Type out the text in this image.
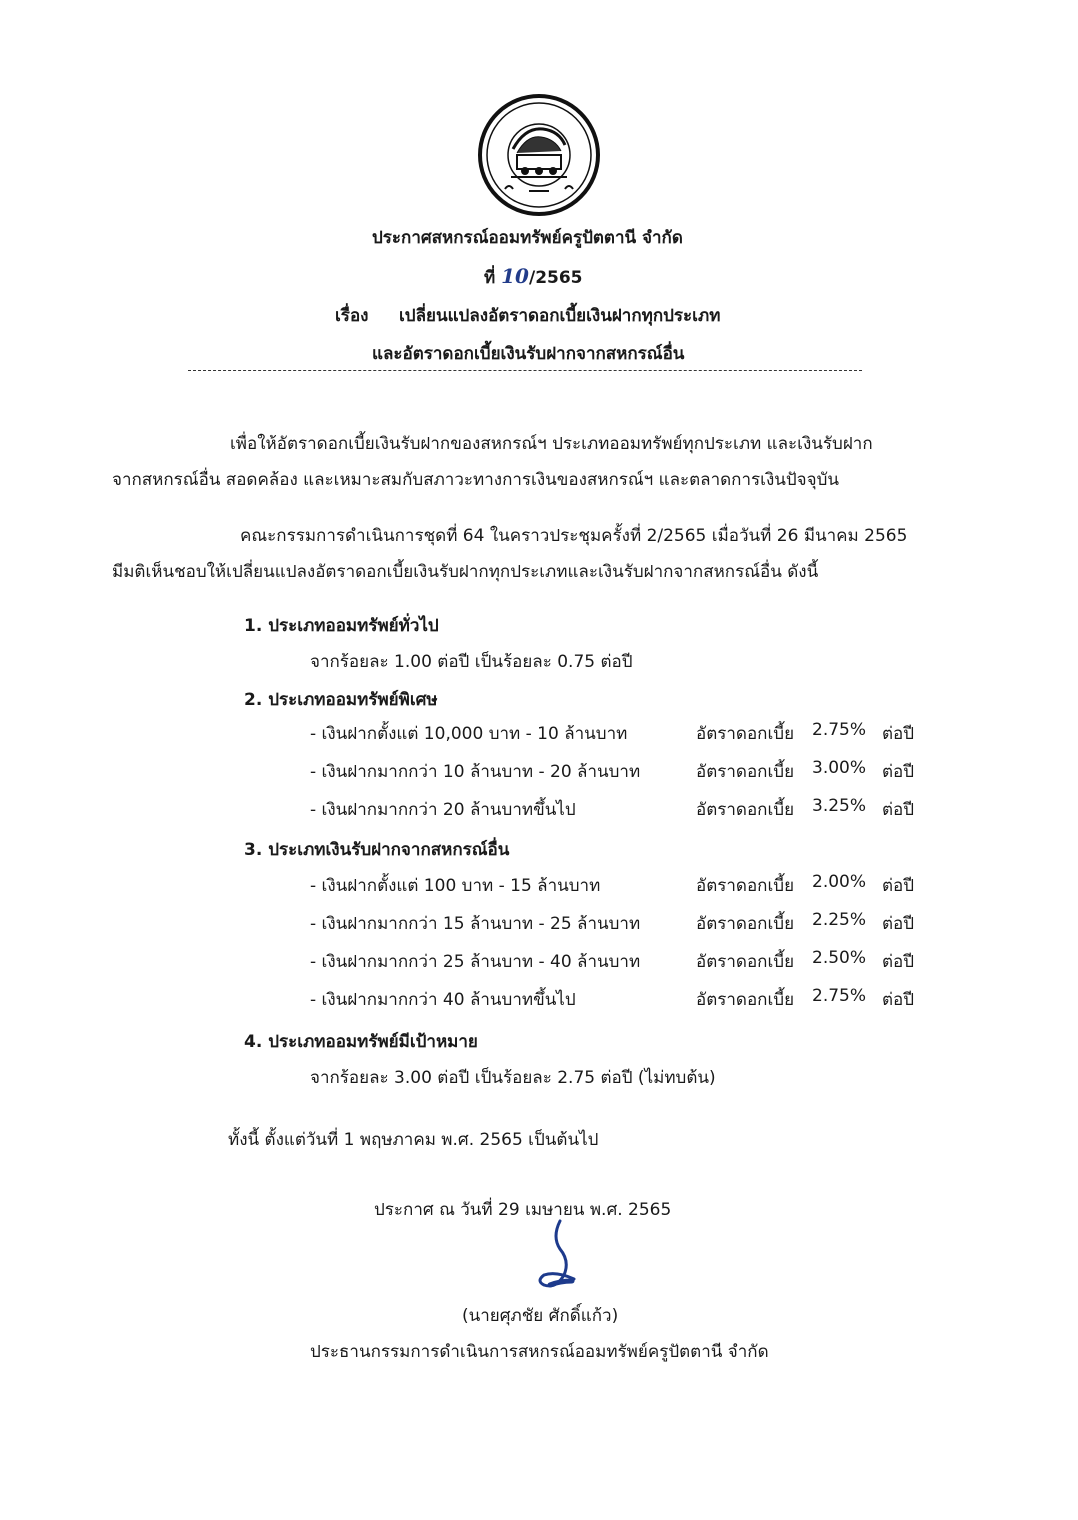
ประกาศสหกรณ์ออมทรัพย์ครูปัตตานี จำกัด
ที่ 10/2565
เรื่อง เปลี่ยนแปลงอัตราดอกเบี้ยเงินฝากทุกประเภท
และอัตราดอกเบี้ยเงินรับฝากจากสหกรณ์อื่น
เพื่อให้อัตราดอกเบี้ยเงินรับฝากของสหกรณ์ฯ ประเภทออมทรัพย์ทุกประเภท และเงินรับฝาก
จากสหกรณ์อื่น สอดคล้อง และเหมาะสมกับสภาวะทางการเงินของสหกรณ์ฯ และตลาดการเงินปัจจุบัน
คณะกรรมการดำเนินการชุดที่ 64 ในคราวประชุมครั้งที่ 2/2565 เมื่อวันที่ 26 มีนาคม 2565
มีมติเห็นชอบให้เปลี่ยนแปลงอัตราดอกเบี้ยเงินรับฝากทุกประเภทและเงินรับฝากจากสหกรณ์อื่น ดังนี้
1. ประเภทออมทรัพย์ทั่วไป
จากร้อยละ 1.00 ต่อปี เป็นร้อยละ 0.75 ต่อปี
2. ประเภทออมทรัพย์พิเศษ
- เงินฝากตั้งแต่ 10,000 บาท - 10 ล้านบาท	อัตราดอกเบี้ย 2.75% ต่อปี
- เงินฝากมากกว่า 10 ล้านบาท - 20 ล้านบาท	อัตราดอกเบี้ย 3.00% ต่อปี
- เงินฝากมากกว่า 20 ล้านบาทขึ้นไป	อัตราดอกเบี้ย 3.25% ต่อปี
3. ประเภทเงินรับฝากจากสหกรณ์อื่น
- เงินฝากตั้งแต่ 100 บาท - 15 ล้านบาท	อัตราดอกเบี้ย 2.00% ต่อปี
- เงินฝากมากกว่า 15 ล้านบาท - 25 ล้านบาท	อัตราดอกเบี้ย 2.25% ต่อปี
- เงินฝากมากกว่า 25 ล้านบาท - 40 ล้านบาท	อัตราดอกเบี้ย 2.50% ต่อปี
- เงินฝากมากกว่า 40 ล้านบาทขึ้นไป	อัตราดอกเบี้ย 2.75% ต่อปี
4. ประเภทออมทรัพย์มีเป้าหมาย
จากร้อยละ 3.00 ต่อปี เป็นร้อยละ 2.75 ต่อปี (ไม่ทบต้น)
ทั้งนี้ ตั้งแต่วันที่ 1 พฤษภาคม พ.ศ. 2565 เป็นต้นไป
ประกาศ ณ วันที่ 29 เมษายน พ.ศ. 2565
(นายศุภชัย ศักดิ์แก้ว)
ประธานกรรมการดำเนินการสหกรณ์ออมทรัพย์ครูปัตตานี จำกัด
